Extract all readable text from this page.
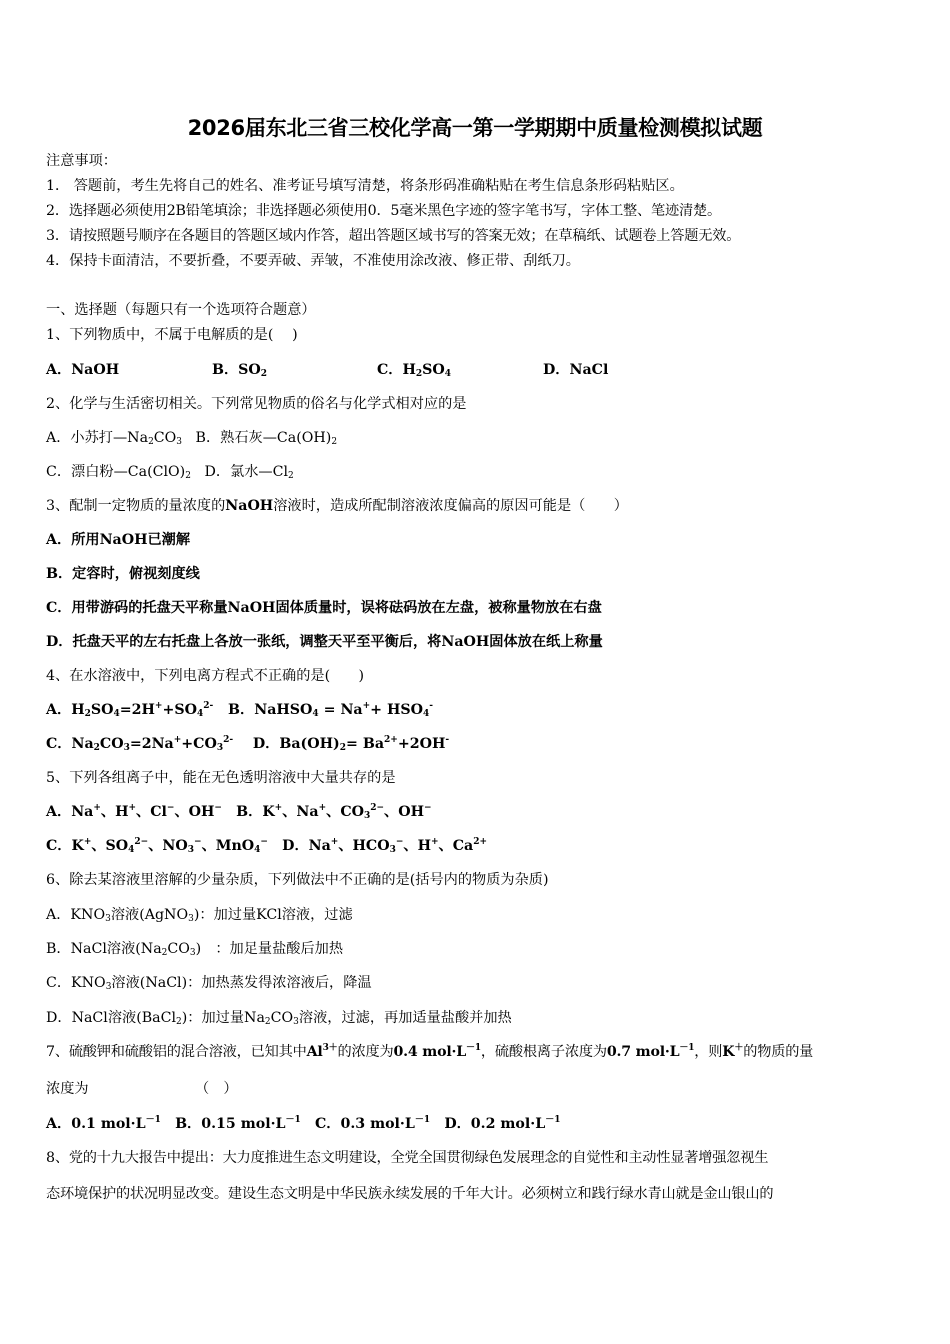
2026届东北三省三校化学高一第一学期期中质量检测模拟试题
注意事项：
1． 答题前，考生先将自己的姓名、准考证号填写清楚，将条形码准确粘贴在考生信息条形码粘贴区。
2．选择题必须使用2B铅笔填涂；非选择题必须使用0．5毫米黑色字迹的签字笔书写，字体工整、笔迹清楚。
3．请按照题号顺序在各题目的答题区域内作答，超出答题区域书写的答案无效；在草稿纸、试题卷上答题无效。
4．保持卡面清洁，不要折叠，不要弄破、弄皱，不准使用涂改液、修正带、刮纸刀。
一、选择题（每题只有一个选项符合题意）
1、下列物质中，不属于电解质的是(　 )
A．NaOH	B．$SO_2$	C．$H_2SO_4$	D．NaCl
2、化学与生活密切相关。下列常见物质的俗名与化学式相对应的是
A．小苏打$—Na_2CO_3$   B．熟石灰$—Ca(OH)_2$
C．漂白粉$—Ca(ClO)_2$   D．氯水$—Cl_2$
3、配制一定物质的量浓度的NaOH溶液时，造成所配制溶液浓度偏高的原因可能是（　　）
A．所用NaOH已潮解
B．定容时，俯视刻度线
C．用带游码的托盘天平称量NaOH固体质量时，误将砝码放在左盘，被称量物放在右盘
D．托盘天平的左右托盘上各放一张纸，调整天平至平衡后，将NaOH固体放在纸上称量
4、在水溶液中，下列电离方程式不正确的是(　　)
A．$H_2SO_4=2H^++SO_4^{2-}$   B．NaHSO$_4$ = $Na^++ HSO_4^-$
C．$Na_2CO_3=2Na^++CO_3^{2-}$    D．$Ba(OH)_2= Ba^{2+}+2OH^-$
5、下列各组离子中，能在无色透明溶液中大量共存的是
A．Na+、H+、Cl−、OH−　B．K+、Na+、$CO_3^{2-}$、OH−
C．K+、$SO_4^{2-}$、$NO_3^-$、MnO$_4$−　D．Na+、$HCO_3^-$、H+、$Ca^{2+}$
6、除去某溶液里溶解的少量杂质，下列做法中不正确的是(括号内的物质为杂质)
A．$KNO_3$溶液(AgNO$_3$)：加过量KCl溶液，过滤
B．NaCl溶液$(Na_2CO_3)$　：加足量盐酸后加热
C．$KNO_3$溶液(NaCl)：加热蒸发得浓溶液后，降温
D．NaCl溶液(BaCl$_2$)：加过量$Na_2CO_3$溶液，过滤，再加适量盐酸并加热
7、硫酸钾和硫酸铝的混合溶液，已知其中$Al^{3+}$的浓度为0.4 $mol\cdot L^{-1}$，硫酸根离子浓度为0.7 $mol\cdot L^{-1}$，则K＋的物质的量
浓度为　　　　　　　　（　）
A．0.1 $mol\cdot L^{-1}$　B．0.15 $mol\cdot L^{-1}$　C．0.3 $mol\cdot L^{-1}$　D．0.2 $mol\cdot L^{-1}$
8、党的十九大报告中提出：大力度推进生态文明建设，全党全国贯彻绿色发展理念的自觉性和主动性显著增强忽视生
态环境保护的状况明显改变。建设生态文明是中华民族永续发展的千年大计。必须树立和践行绿水青山就是金山银山的
